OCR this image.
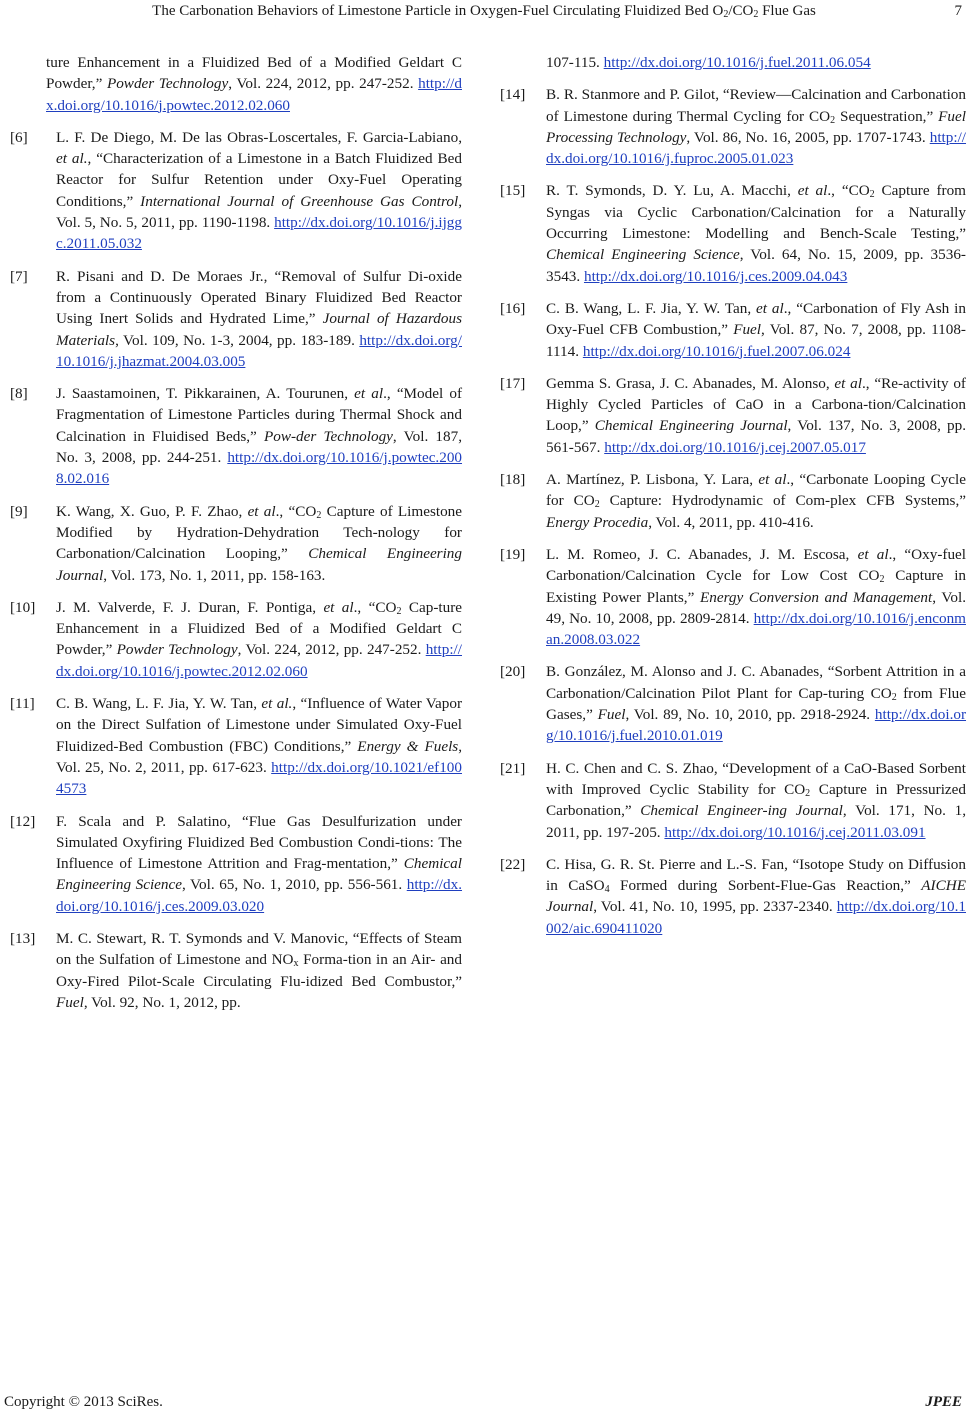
The Carbonation Behaviors of Limestone Particle in Oxygen-Fuel Circulating Fluidized Bed $O_2/CO_2$ Flue Gas	7
ture Enhancement in a Fluidized Bed of a Modified Geldart C Powder,” Powder Technology, Vol. 224, 2012, pp. 247-252. http://dx.doi.org/10.1016/j.powtec.2012.02.060
[6] L. F. De Diego, M. De las Obras-Loscertales, F. Garcia-Labiano, et al., “Characterization of a Limestone in a Batch Fluidized Bed Reactor for Sulfur Retention under Oxy-Fuel Operating Conditions,” International Journal of Greenhouse Gas Control, Vol. 5, No. 5, 2011, pp. 1190-1198. http://dx.doi.org/10.1016/j.ijggc.2011.05.032
[7] R. Pisani and D. De Moraes Jr., “Removal of Sulfur Di-oxide from a Continuously Operated Binary Fluidized Bed Reactor Using Inert Solids and Hydrated Lime,” Journal of Hazardous Materials, Vol. 109, No. 1-3, 2004, pp. 183-189. http://dx.doi.org/10.1016/j.jhazmat.2004.03.005
[8] J. Saastamoinen, T. Pikkarainen, A. Tourunen, et al., “Model of Fragmentation of Limestone Particles during Thermal Shock and Calcination in Fluidised Beds,” Pow-der Technology, Vol. 187, No. 3, 2008, pp. 244-251. http://dx.doi.org/10.1016/j.powtec.2008.02.016
[9] K. Wang, X. Guo, P. F. Zhao, et al., “$CO_2$ Capture of Limestone Modified by Hydration-Dehydration Tech-nology for Carbonation/Calcination Looping,” Chemical Engineering Journal, Vol. 173, No. 1, 2011, pp. 158-163.
[10] J. M. Valverde, F. J. Duran, F. Pontiga, et al., “$CO_2$ Cap-ture Enhancement in a Fluidized Bed of a Modified Geldart C Powder,” Powder Technology, Vol. 224, 2012, pp. 247-252. http://dx.doi.org/10.1016/j.powtec.2012.02.060
[11] C. B. Wang, L. F. Jia, Y. W. Tan, et al., “Influence of Water Vapor on the Direct Sulfation of Limestone under Simulated Oxy-Fuel Fluidized-Bed Combustion (FBC) Conditions,” Energy & Fuels, Vol. 25, No. 2, 2011, pp. 617-623. http://dx.doi.org/10.1021/ef1004573
[12] F. Scala and P. Salatino, “Flue Gas Desulfurization under Simulated Oxyfiring Fluidized Bed Combustion Condi-tions: The Influence of Limestone Attrition and Frag-mentation,” Chemical Engineering Science, Vol. 65, No. 1, 2010, pp. 556-561. http://dx.doi.org/10.1016/j.ces.2009.03.020
[13] M. C. Stewart, R. T. Symonds and V. Manovic, “Effects of Steam on the Sulfation of Limestone and $NO_x$ Forma-tion in an Air- and Oxy-Fired Pilot-Scale Circulating Flu-idized Bed Combustor,” Fuel, Vol. 92, No. 1, 2012, pp.
107-115. http://dx.doi.org/10.1016/j.fuel.2011.06.054
[14] B. R. Stanmore and P. Gilot, “Review—Calcination and Carbonation of Limestone during Thermal Cycling for $CO_2$ Sequestration,” Fuel Processing Technology, Vol. 86, No. 16, 2005, pp. 1707-1743. http://dx.doi.org/10.1016/j.fuproc.2005.01.023
[15] R. T. Symonds, D. Y. Lu, A. Macchi, et al., “$CO_2$ Capture from Syngas via Cyclic Carbonation/Calcination for a Naturally Occurring Limestone: Modelling and Bench-Scale Testing,” Chemical Engineering Science, Vol. 64, No. 15, 2009, pp. 3536-3543. http://dx.doi.org/10.1016/j.ces.2009.04.043
[16] C. B. Wang, L. F. Jia, Y. W. Tan, et al., “Carbonation of Fly Ash in Oxy-Fuel CFB Combustion,” Fuel, Vol. 87, No. 7, 2008, pp. 1108-1114. http://dx.doi.org/10.1016/j.fuel.2007.06.024
[17] Gemma S. Grasa, J. C. Abanades, M. Alonso, et al., “Re-activity of Highly Cycled Particles of CaO in a Carbona-tion/Calcination Loop,” Chemical Engineering Journal, Vol. 137, No. 3, 2008, pp. 561-567. http://dx.doi.org/10.1016/j.cej.2007.05.017
[18] A. Martínez, P. Lisbona, Y. Lara, et al., “Carbonate Looping Cycle for $CO_2$ Capture: Hydrodynamic of Com-plex CFB Systems,” Energy Procedia, Vol. 4, 2011, pp. 410-416.
[19] L. M. Romeo, J. C. Abanades, J. M. Escosa, et al., “Oxy-fuel Carbonation/Calcination Cycle for Low Cost $CO_2$ Capture in Existing Power Plants,” Energy Conversion and Management, Vol. 49, No. 10, 2008, pp. 2809-2814. http://dx.doi.org/10.1016/j.enconman.2008.03.022
[20] B. González, M. Alonso and J. C. Abanades, “Sorbent Attrition in a Carbonation/Calcination Pilot Plant for Cap-turing $CO_2$ from Flue Gases,” Fuel, Vol. 89, No. 10, 2010, pp. 2918-2924. http://dx.doi.org/10.1016/j.fuel.2010.01.019
[21] H. C. Chen and C. S. Zhao, “Development of a CaO-Based Sorbent with Improved Cyclic Stability for $CO_2$ Capture in Pressurized Carbonation,” Chemical Engineer-ing Journal, Vol. 171, No. 1, 2011, pp. 197-205. http://dx.doi.org/10.1016/j.cej.2011.03.091
[22] C. Hisa, G. R. St. Pierre and L.-S. Fan, “Isotope Study on Diffusion in CaSO$_4$ Formed during Sorbent-Flue-Gas Reaction,” AICHE Journal, Vol. 41, No. 10, 1995, pp. 2337-2340. http://dx.doi.org/10.1002/aic.690411020
Copyright © 2013 SciRes.	JPEE
